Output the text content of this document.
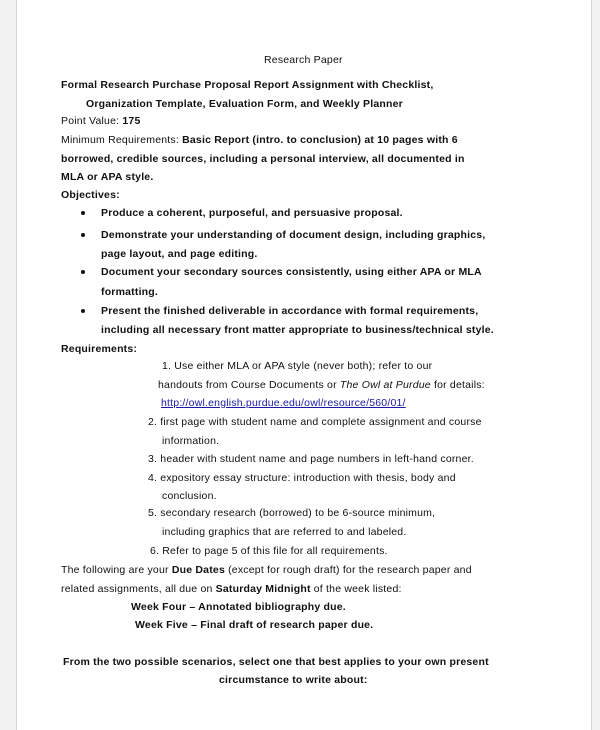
Research Paper
Formal Research Purchase Proposal Report Assignment with Checklist,
Organization Template, Evaluation Form, and Weekly Planner
Point Value: 175
Minimum Requirements: Basic Report (intro. to conclusion) at 10 pages with 6
borrowed, credible sources, including a personal interview, all documented in
MLA or APA style.
Objectives:
Produce a coherent, purposeful, and persuasive proposal.
Demonstrate your understanding of document design, including graphics,
page layout, and page editing.
Document your secondary sources consistently, using either APA or MLA
formatting.
Present the finished deliverable in accordance with formal requirements,
including all necessary front matter appropriate to business/technical style.
Requirements:
1. Use either MLA or APA style (never both); refer to our
handouts from Course Documents or The Owl at Purdue for details:
http://owl.english.purdue.edu/owl/resource/560/01/
2. first page with student name and complete assignment and course
information.
3. header with student name and page numbers in left-hand corner.
4. expository essay structure: introduction with thesis, body and
conclusion.
5. secondary research (borrowed) to be 6-source minimum,
including graphics that are referred to and labeled.
6. Refer to page 5 of this file for all requirements.
The following are your Due Dates (except for rough draft) for the research paper and
related assignments, all due on Saturday Midnight of the week listed:
Week Four – Annotated bibliography due.
Week Five – Final draft of research paper due.
From the two possible scenarios, select one that best applies to your own present
circumstance to write about:
